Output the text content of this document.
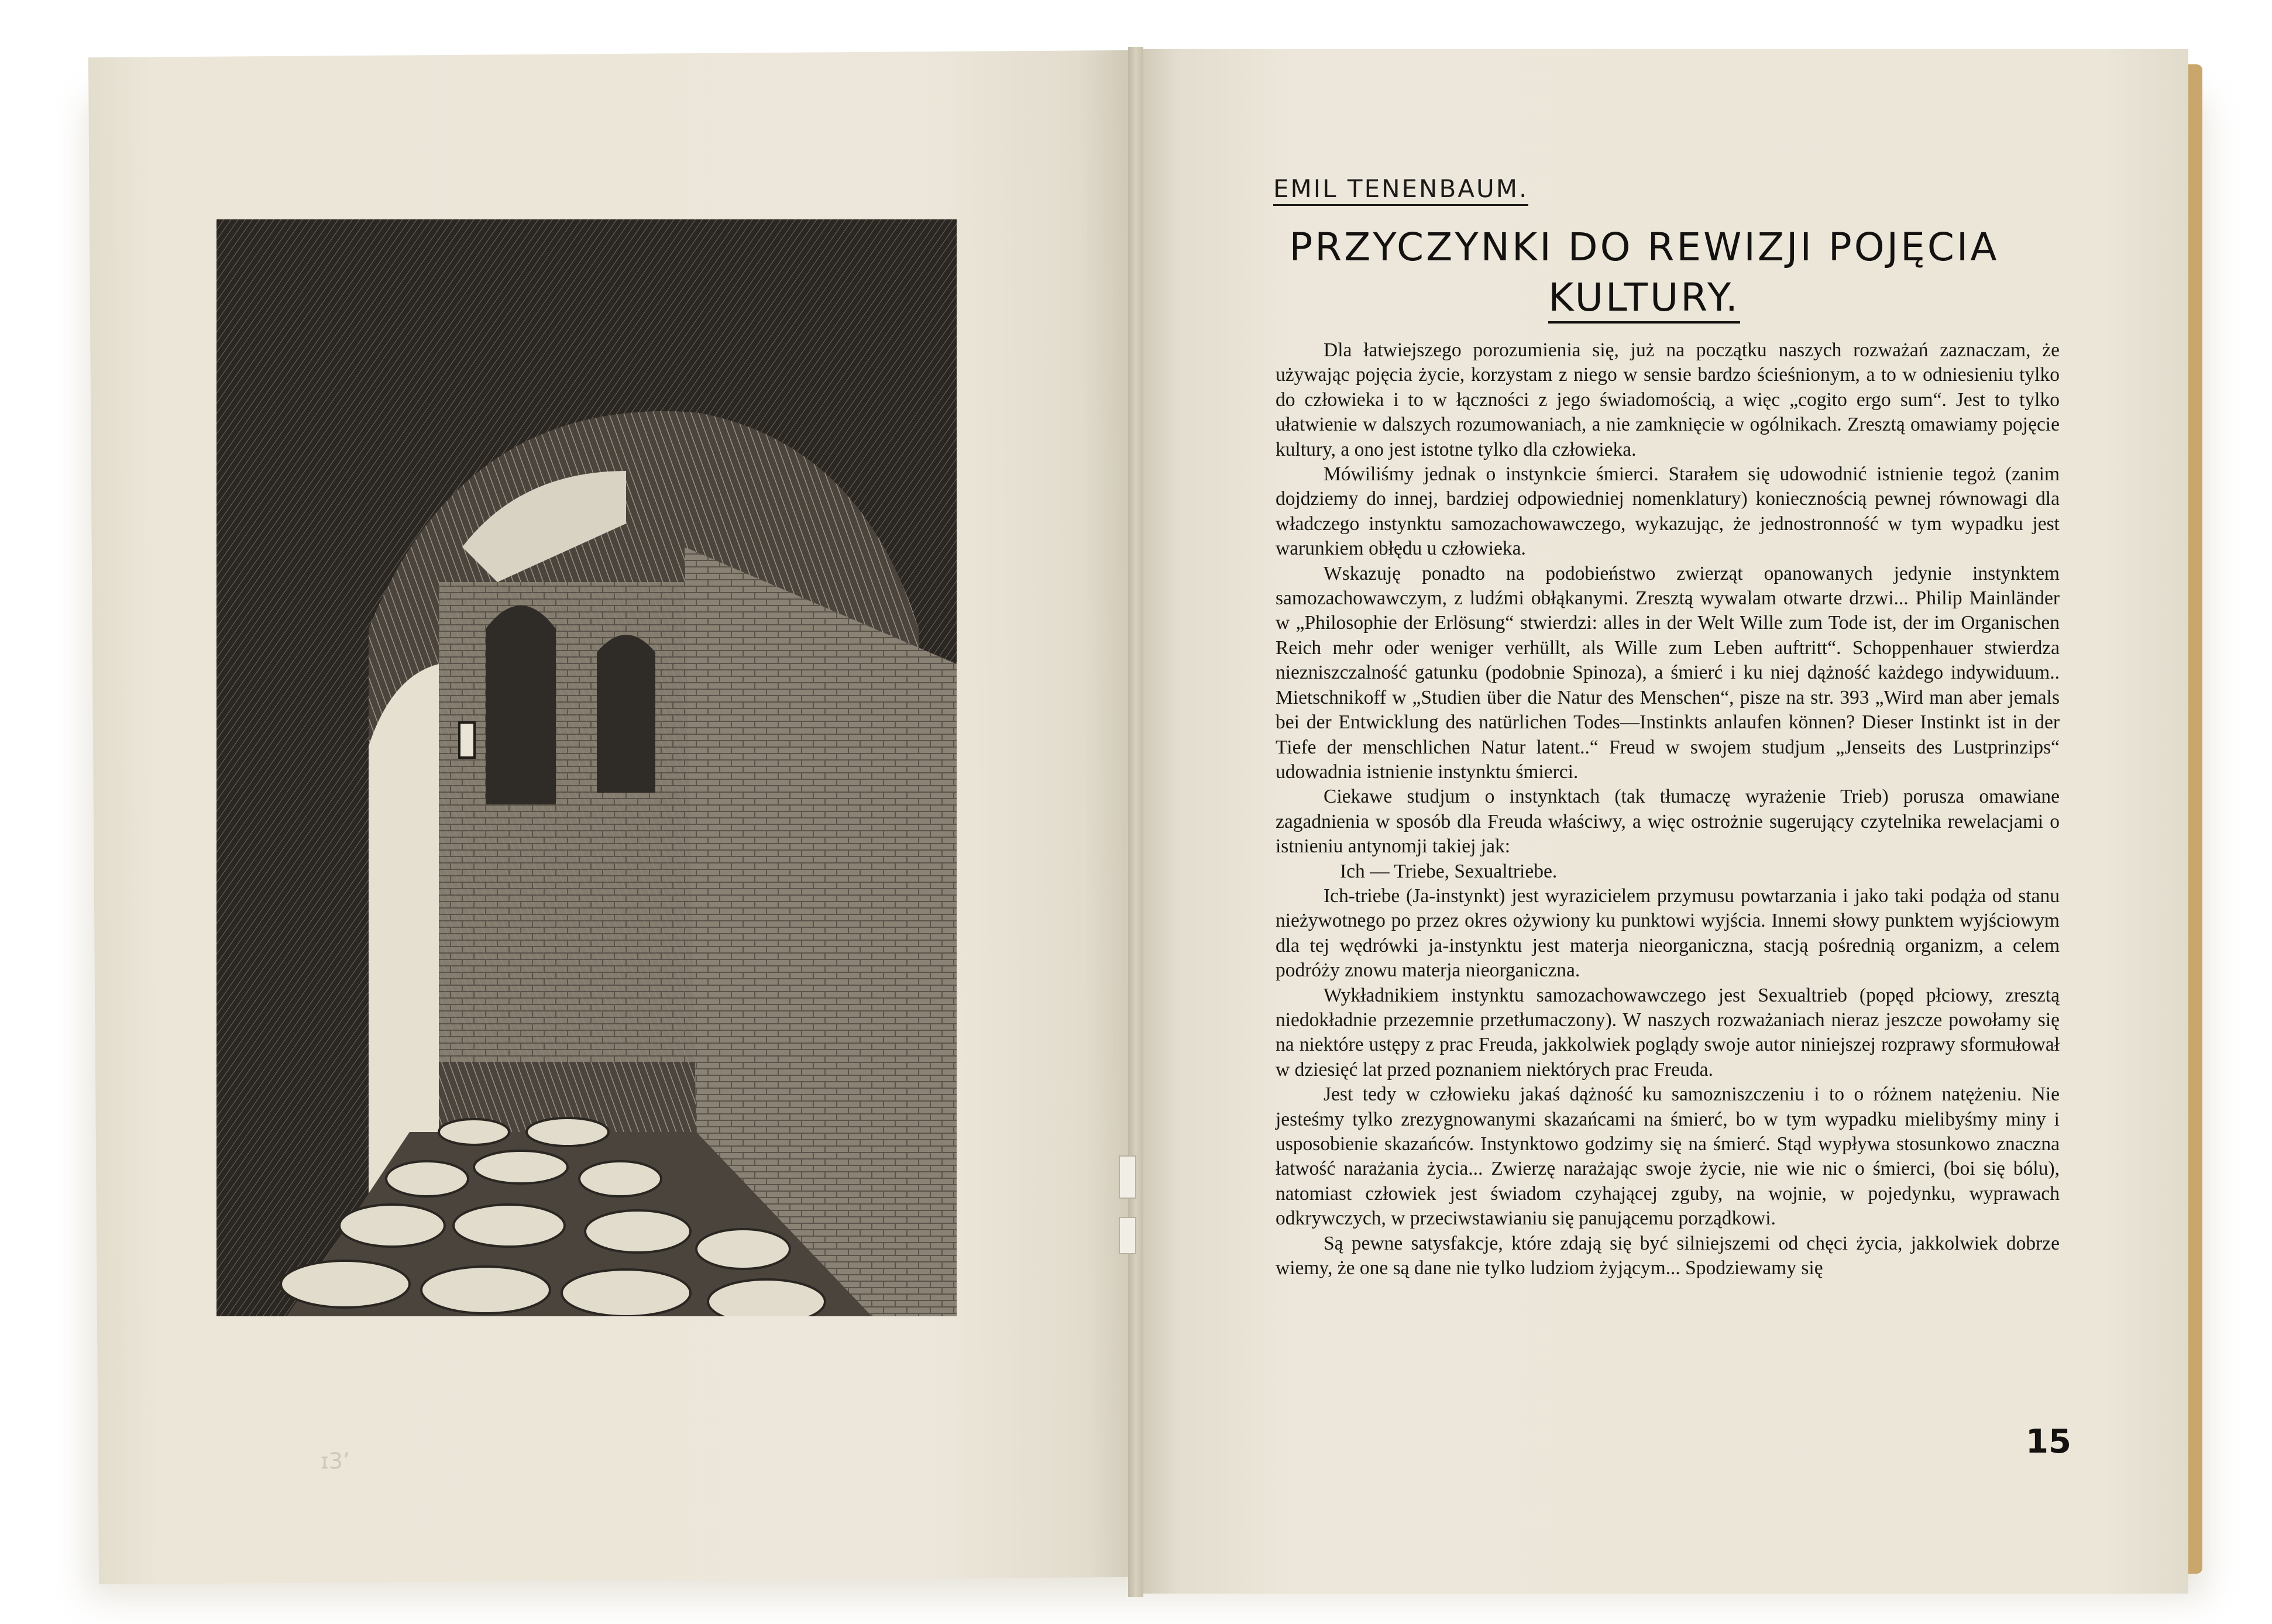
ɪ3ʼ
EMIL TENENBAUM.
PRZYCZYNKI DO REWIZJI POJĘCIA
KULTURY.

Dla łatwiejszego porozumienia się, już na początku naszych rozważań zaznaczam, że używając pojęcia życie, korzystam z niego w sensie bardzo ścieśnionym, a to w odniesieniu tylko do człowieka i to w łączności z jego świadomością, a więc „cogito ergo sum“. Jest to tylko ułatwienie w dalszych rozumowaniach, a nie zamknięcie w ogólnikach. Zresztą omawiamy pojęcie kultury, a ono jest istotne tylko dla człowieka.

Mówiliśmy jednak o instynkcie śmierci. Starałem się udowodnić istnienie tegoż (zanim dojdziemy do innej, bardziej odpowiedniej nomenklatury) koniecznością pewnej równowagi dla władczego instynktu samozachowawczego, wykazując, że jednostronność w tym wypadku jest warunkiem obłędu u człowieka.

Wskazuję ponadto na podobieństwo zwierząt opanowanych jedynie instynktem samozachowawczym, z ludźmi obłąkanymi. Zresztą wywalam otwarte drzwi... Philip Mainländer w „Philosophie der Erlösung“ stwierdzi: alles in der Welt Wille zum Tode ist, der im Organischen Reich mehr oder weniger verhüllt, als Wille zum Leben auftritt“. Schoppenhauer stwierdza niezniszczalność gatunku (podobnie Spinoza), a śmierć i ku niej dążność każdego indywiduum.. Mietschnikoff w „Studien über die Natur des Menschen“, pisze na str. 393 „Wird man aber jemals bei der Entwicklung des natürlichen Todes—Instinkts anlaufen können? Dieser Instinkt ist in der Tiefe der menschlichen Natur latent..“ Freud w swojem studjum „Jenseits des Lustprinzips“ udowadnia istnienie instynktu śmierci.

Ciekawe studjum o instynktach (tak tłumaczę wyrażenie Trieb) porusza omawiane zagadnienia w sposób dla Freuda właściwy, a więc ostrożnie sugerujący czytelnika rewelacjami o istnieniu antynomji takiej jak:

Ich — Triebe, Sexualtriebe.

Ich-triebe (Ja-instynkt) jest wyrazicielem przymusu powtarzania i jako taki podąża od stanu nieżywotnego po przez okres ożywiony ku punktowi wyjścia. Innemi słowy punktem wyjściowym dla tej wędrówki ja-instynktu jest materja nieorganiczna, stacją pośrednią organizm, a celem podróży znowu materja nieorganiczna.

Wykładnikiem instynktu samozachowawczego jest Sexualtrieb (popęd płciowy, zresztą niedokładnie przezemnie przetłumaczony). W naszych rozważaniach nieraz jeszcze powołamy się na niektóre ustępy z prac Freuda, jakkolwiek poglądy swoje autor niniejszej rozprawy sformułował w dziesięć lat przed poznaniem niektórych prac Freuda.

Jest tedy w człowieku jakaś dążność ku samozniszczeniu i to o różnem natężeniu. Nie jesteśmy tylko zrezygnowanymi skazańcami na śmierć, bo w tym wypadku mielibyśmy miny i usposobienie skazańców. Instynktowo godzimy się na śmierć. Stąd wypływa stosunkowo znaczna łatwość narażania życia... Zwierzę narażając swoje życie, nie wie nic o śmierci, (boi się bólu), natomiast człowiek jest świadom czyhającej zguby, na wojnie, w pojedynku, wyprawach odkrywczych, w przeciwstawianiu się panującemu porządkowi.

Są pewne satysfakcje, które zdają się być silniejszemi od chęci życia, jakkolwiek dobrze wiemy, że one są dane nie tylko ludziom żyjącym... Spodziewamy się

15
